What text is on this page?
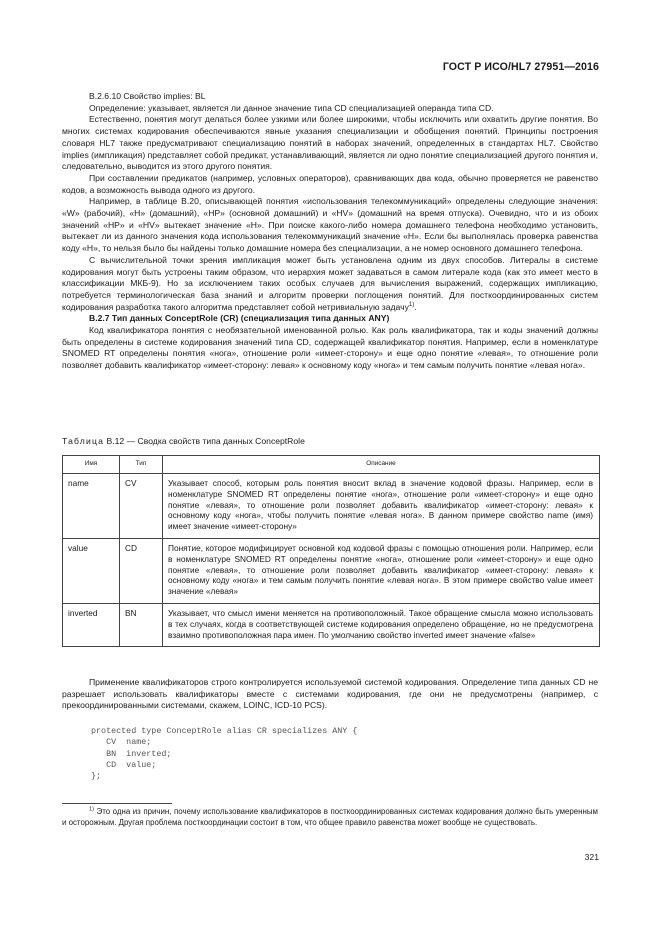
ГОСТ Р ИСО/HL7 27951—2016

B.2.6.10 Свойство implies: BL

Определение: указывает, является ли данное значение типа CD специализацией операнда типа CD.

Естественно, понятия могут делаться более узкими или более широкими, чтобы исключить или охватить другие понятия. Во многих системах кодирования обеспечиваются явные указания специализации и обобщения понятий. Принципы построения словаря HL7 также предусматривают специализацию понятий в наборах значений, определенных в стандартах HL7. Свойство implies (импликация) представляет собой предикат, устанавливающий, является ли одно понятие специализацией другого понятия и, следовательно, выводится из этого другого понятия.

При составлении предикатов (например, условных операторов), сравнивающих два кода, обычно проверяется не равенство кодов, а возможность вывода одного из другого.

Например, в таблице B.20, описывающей понятия «использования телекоммуникаций» определены следующие значения: «W» (рабочий), «H» (домашний), «HP» (основной домашний) и «HV» (домашний на время отпуска). Очевидно, что и из обоих значений «HP» и «HV» вытекает значение «H». При поиске какого-либо номера домашнего телефона необходимо установить, вытекает ли из данного значения кода использования телекоммуникаций значение «H». Если бы выполнялась проверка равенства коду «H», то нельзя было бы найдены только домашние номера без специализации, а не номер основного домашнего телефона.

С вычислительной точки зрения импликация может быть установлена одним из двух способов. Литералы в системе кодирования могут быть устроены таким образом, что иерархия может задаваться в самом литерале кода (как это имеет место в классификации МКБ-9). Но за исключением таких особых случаев для вычисления выражений, содержащих импликацию, потребуется терминологическая база знаний и алгоритм проверки поглощения понятий. Для посткоординированных систем кодирования разработка такого алгоритма представляет собой нетривиальную задачу$^{1)}$.

B.2.7 Тип данных ConceptRole (CR) (специализация типа данных ANY)

Код квалификатора понятия с необязательной именованной ролью. Как роль квалификатора, так и коды значений должны быть определены в системе кодирования значений типа CD, содержащей квалификатор понятия. Например, если в номенклатуре SNOMED RT определены понятия «нога», отношение роли «имеет-сторону» и еще одно понятие «левая», то отношение роли позволяет добавить квалификатор «имеет-сторону: левая» к основному коду «нога» и тем самым получить понятие «левая нога».

Таблица B.12 — Сводка свойств типа данных ConceptRole
Имя	Тип	Описание
name	CV	Указывает способ, которым роль понятия вносит вклад в значение кодовой фразы. Например, если в номенклатуре SNOMED RT определены понятие «нога», отношение роли «имеет-сторону» и еще одно понятие «левая», то отношение роли позволяет добавить квалификатор «имеет-сторону: левая» к основному коду «нога», чтобы получить понятие «левая нога». В данном примере свойство name (имя) имеет значение «имеет-сторону»
value	CD	Понятие, которое модифицирует основной код кодовой фразы с помощью отношения роли. Например, если в номенклатуре SNOMED RT определены понятие «нога», отношение роли «имеет-сторону» и еще одно понятие «левая», то отношение роли позволяет добавить квалификатор «имеет-сторону: левая» к основному коду «нога» и тем самым получить понятие «левая нога». В этом примере свойство value имеет значение «левая»
inverted	BN	Указывает, что смысл имени меняется на противоположный. Такое обращение смысла можно использовать в тех случаях, когда в соответствующей системе кодирования определено обращение, но не предусмотрена взаимно противоположная пара имен. По умолчанию свойство inverted имеет значение «false»

Применение квалификаторов строго контролируется используемой системой кодирования. Определение типа данных CD не разрешает использовать квалификаторы вместе с системами кодирования, где они не предусмотрены (например, с прекоординированными системами, скажем, LOINC, ICD-10 PCS).

protected type ConceptRole alias CR specializes ANY {
CV  name;
BN  inverted;
CD  value;
};

$^{1)}$ Это одна из причин, почему использование квалификаторов в посткоординированных системах кодирования должно быть умеренным и осторожным. Другая проблема посткоординации состоит в том, что общее правило равенства может вообще не существовать.

321
